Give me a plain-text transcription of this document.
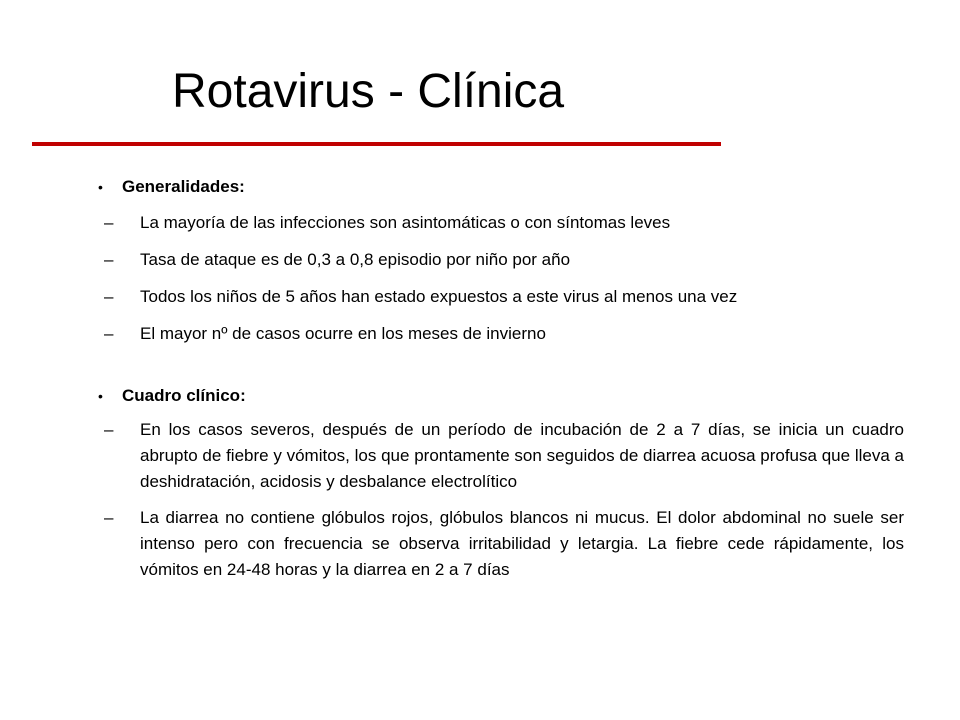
Rotavirus - Clínica
• Generalidades:
– La mayoría de las infecciones son asintomáticas o con síntomas leves
– Tasa de ataque es de 0,3 a 0,8 episodio por niño por año
– Todos los niños de 5 años han estado expuestos a este virus al menos una vez
– El mayor nº de casos ocurre en los meses de invierno
• Cuadro clínico:
– En los casos severos, después de un período de incubación de 2 a 7 días, se inicia un cuadro abrupto de fiebre y vómitos, los que prontamente son seguidos de diarrea acuosa profusa que lleva a deshidratación, acidosis y desbalance electrolítico
– La diarrea no contiene glóbulos rojos, glóbulos blancos ni mucus. El dolor abdominal no suele ser intenso pero con frecuencia se observa irritabilidad y letargia. La fiebre cede rápidamente, los vómitos en 24-48 horas y la diarrea en 2 a 7 días
